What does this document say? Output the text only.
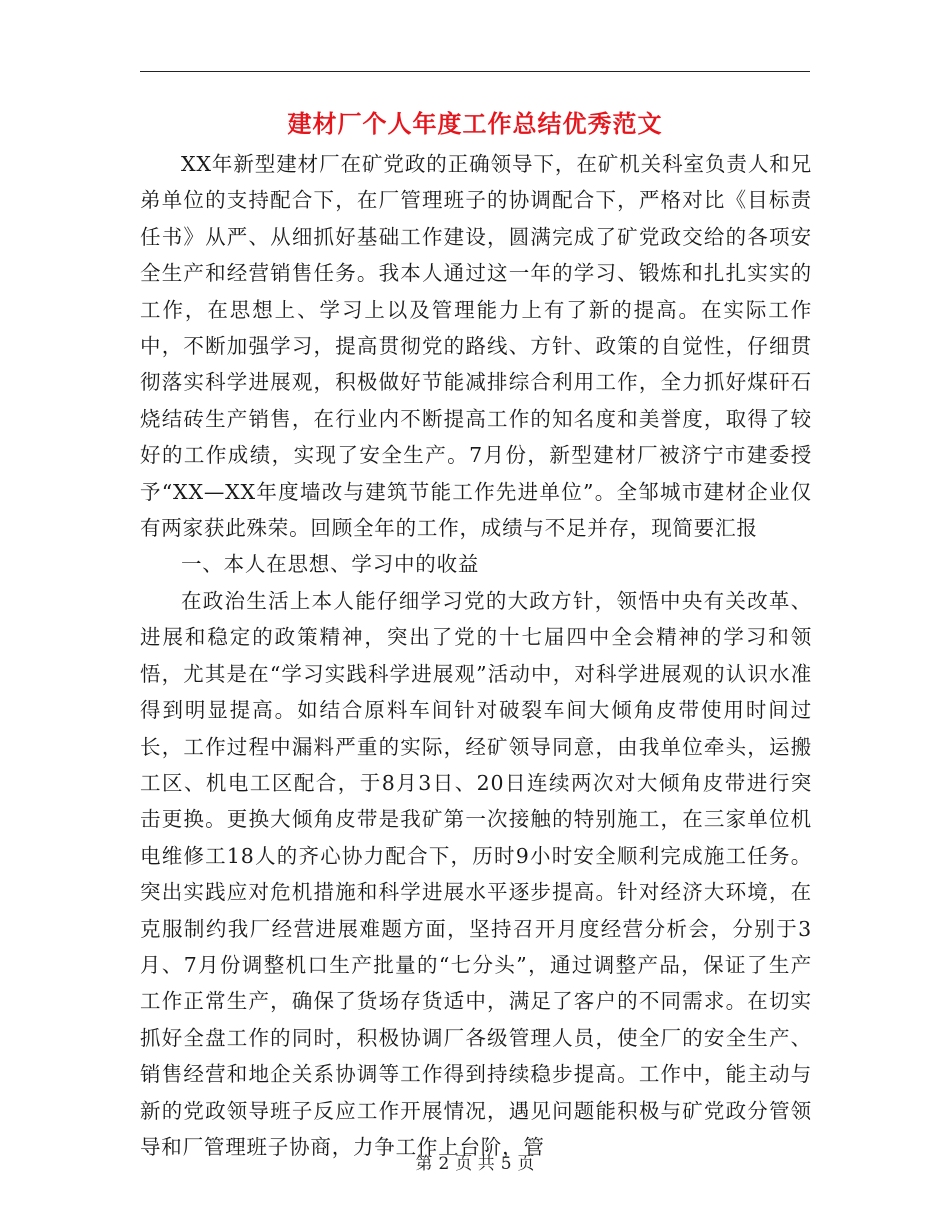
建材厂个人年度工作总结优秀范文

XX年新型建材厂在矿党政的正确领导下，在矿机关科室负责人和兄弟单位的支持配合下，在厂管理班子的协调配合下，严格对比《目标责任书》从严、从细抓好基础工作建设，圆满完成了矿党政交给的各项安全生产和经营销售任务。我本人通过这一年的学习、锻炼和扎扎实实的工作，在思想上、学习上以及管理能力上有了新的提高。在实际工作中，不断加强学习，提高贯彻党的路线、方针、政策的自觉性，仔细贯彻落实科学进展观，积极做好节能减排综合利用工作，全力抓好煤矸石烧结砖生产销售，在行业内不断提高工作的知名度和美誉度，取得了较好的工作成绩，实现了安全生产。7月份，新型建材厂被济宁市建委授予“XX—XX年度墙改与建筑节能工作先进单位”。全邹城市建材企业仅有两家获此殊荣。回顾全年的工作，成绩与不足并存，现简要汇报

一、本人在思想、学习中的收益

在政治生活上本人能仔细学习党的大政方针，领悟中央有关改革、进展和稳定的政策精神，突出了党的十七届四中全会精神的学习和领悟，尤其是在“学习实践科学进展观”活动中，对科学进展观的认识水准得到明显提高。如结合原料车间针对破裂车间大倾角皮带使用时间过长，工作过程中漏料严重的实际，经矿领导同意，由我单位牵头，运搬工区、机电工区配合，于8月3日、20日连续两次对大倾角皮带进行突击更换。更换大倾角皮带是我矿第一次接触的特别施工，在三家单位机电维修工18人的齐心协力配合下，历时9小时安全顺利完成施工任务。突出实践应对危机措施和科学进展水平逐步提高。针对经济大环境，在克服制约我厂经营进展难题方面，坚持召开月度经营分析会，分别于3月、7月份调整机口生产批量的“七分头”，通过调整产品，保证了生产工作正常生产，确保了货场存货适中，满足了客户的不同需求。在切实抓好全盘工作的同时，积极协调厂各级管理人员，使全厂的安全生产、销售经营和地企关系协调等工作得到持续稳步提高。工作中，能主动与新的党政领导班子反应工作开展情况，遇见问题能积极与矿党政分管领导和厂管理班子协商，力争工作上台阶，管

第 2 页 共 5 页
